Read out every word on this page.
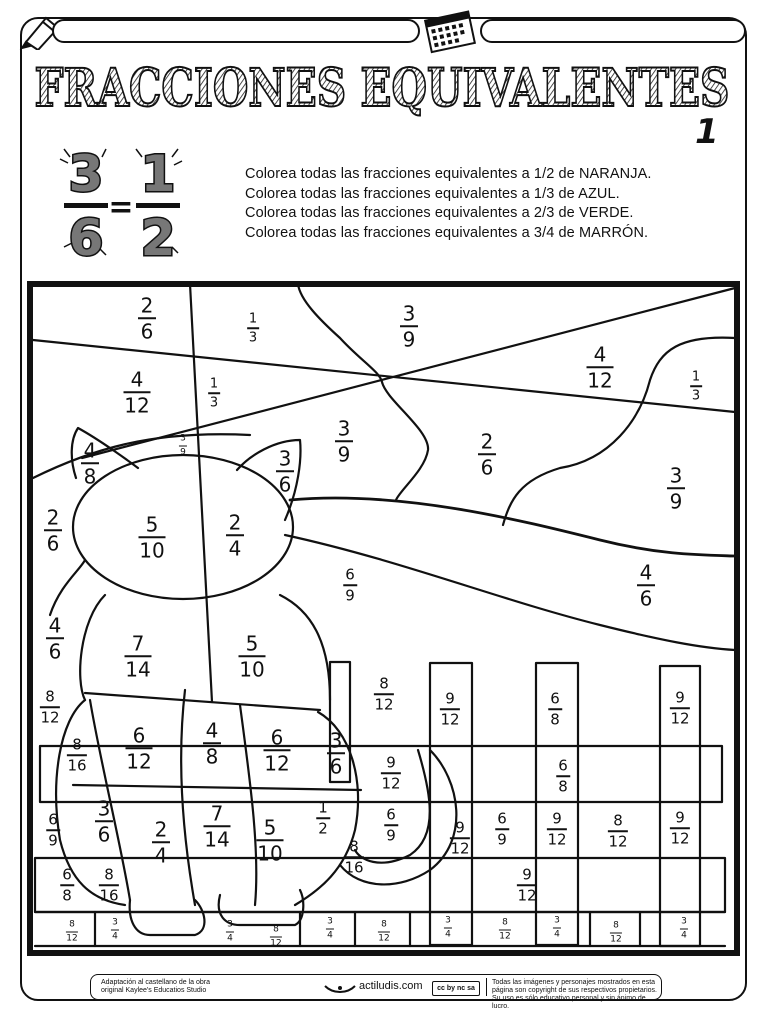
FRACCIONES EQUIVALENTES
1
3
6
1
2
=
Colorea todas las fracciones equivalentes a 1/2 de NARANJA.
Colorea todas las fracciones equivalentes a 1/3 de AZUL.
Colorea todas las fracciones equivalentes a 2/3 de VERDE.
Colorea todas las fracciones equivalentes a 3/4 de MARRÓN.
2
6	1
3
3
9
4
12
1
3
4
12	1
3
3
9
4
8
3
9
2
6
3
6	3
9
2
6
5
10
2
4
6
9
4
6
4
6	7
14
5
10
8
12
8
12	9
12
6
8
9
12
8
16
6
12
4
8
6
12
3
6	9
12
6
8
6
9
3
6 2
4
7
14	5
10
1
2
6
9	9
12
6
9
9
12
8
12
9
12
8
16
6
8
8
16
9
12
8
12
3
4
3
4
8
12
3
4
8
12
3
4
8
12
3
4
8
12
3
4
Adaptación al castellano de la obra original Kaylee's Educatios Studio	actiludis.com	cc by nc sa
Todas las imágenes y personajes mostrados en esta página son copyright de sus respectivos propietarios. Su uso es sólo educativo personal y sin ánimo de lucro.
